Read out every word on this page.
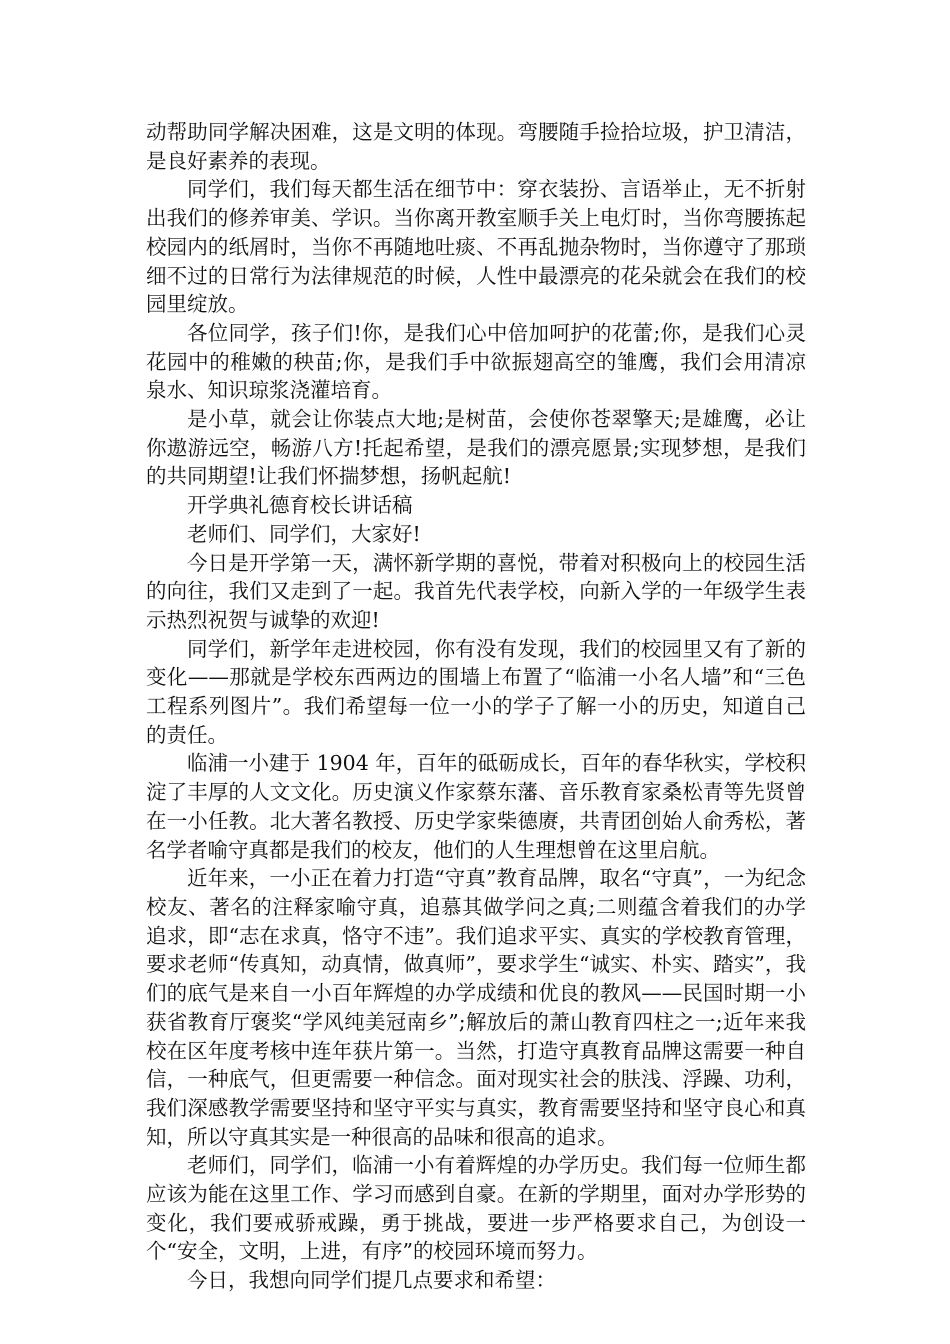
动帮助同学解决困难，这是文明的体现。弯腰随手捡拾垃圾，护卫清洁，是良好素养的表现。

同学们，我们每天都生活在细节中：穿衣装扮、言语举止，无不折射出我们的修养审美、学识。当你离开教室顺手关上电灯时，当你弯腰拣起校园内的纸屑时，当你不再随地吐痰、不再乱抛杂物时，当你遵守了那琐细不过的日常行为法律规范的时候，人性中最漂亮的花朵就会在我们的校园里绽放。

各位同学，孩子们!你，是我们心中倍加呵护的花蕾;你，是我们心灵花园中的稚嫩的秧苗;你，是我们手中欲振翅高空的雏鹰，我们会用清凉泉水、知识琼浆浇灌培育。

是小草，就会让你装点大地;是树苗，会使你苍翠擎天;是雄鹰，必让你遨游远空，畅游八方!托起希望，是我们的漂亮愿景;实现梦想，是我们的共同期望!让我们怀揣梦想，扬帆起航!

开学典礼德育校长讲话稿

老师们、同学们，大家好!

今日是开学第一天，满怀新学期的喜悦，带着对积极向上的校园生活的向往，我们又走到了一起。我首先代表学校，向新入学的一年级学生表示热烈祝贺与诚挚的欢迎!

同学们，新学年走进校园，你有没有发现，我们的校园里又有了新的变化——那就是学校东西两边的围墙上布置了“临浦一小名人墙”和“三色工程系列图片”。我们希望每一位一小的学子了解一小的历史，知道自己的责任。

临浦一小建于 1904 年，百年的砥砺成长，百年的春华秋实，学校积淀了丰厚的人文文化。历史演义作家蔡东藩、音乐教育家桑松青等先贤曾在一小任教。北大著名教授、历史学家柴德赓，共青团创始人俞秀松，著名学者喻守真都是我们的校友，他们的人生理想曾在这里启航。

近年来，一小正在着力打造“守真”教育品牌，取名“守真”，一为纪念校友、著名的注释家喻守真，追慕其做学问之真;二则蕴含着我们的办学追求，即“志在求真，恪守不违”。我们追求平实、真实的学校教育管理，要求老师“传真知，动真情，做真师”，要求学生“诚实、朴实、踏实”，我们的底气是来自一小百年辉煌的办学成绩和优良的教风——民国时期一小获省教育厅褒奖“学风纯美冠南乡”;解放后的萧山教育四柱之一;近年来我校在区年度考核中连年获片第一。当然，打造守真教育品牌这需要一种自信，一种底气，但更需要一种信念。面对现实社会的肤浅、浮躁、功利，我们深感教学需要坚持和坚守平实与真实，教育需要坚持和坚守良心和真知，所以守真其实是一种很高的品味和很高的追求。

老师们，同学们，临浦一小有着辉煌的办学历史。我们每一位师生都应该为能在这里工作、学习而感到自豪。在新的学期里，面对办学形势的变化，我们要戒骄戒躁，勇于挑战，要进一步严格要求自己，为创设一个“安全，文明，上进，有序”的校园环境而努力。

今日，我想向同学们提几点要求和希望：
